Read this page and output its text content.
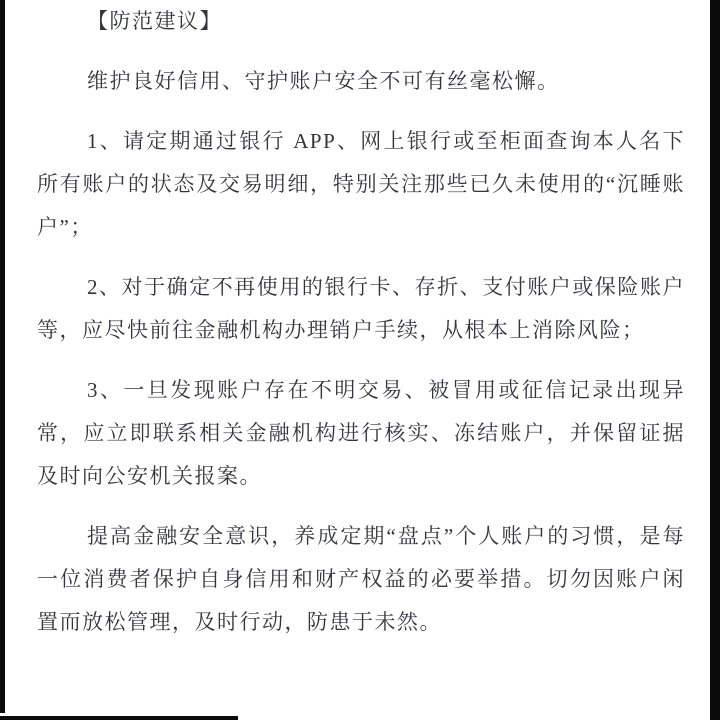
【防范建议】

维护良好信用、守护账户安全不可有丝毫松懈。

1、请定期通过银行 APP、网上银行或至柜面查询本人名下所有账户的状态及交易明细，特别关注那些已久未使用的“沉睡账户”；

2、对于确定不再使用的银行卡、存折、支付账户或保险账户等，应尽快前往金融机构办理销户手续，从根本上消除风险；

3、一旦发现账户存在不明交易、被冒用或征信记录出现异常，应立即联系相关金融机构进行核实、冻结账户，并保留证据及时向公安机关报案。

提高金融安全意识，养成定期“盘点”个人账户的习惯，是每一位消费者保护自身信用和财产权益的必要举措。切勿因账户闲置而放松管理，及时行动，防患于未然。
